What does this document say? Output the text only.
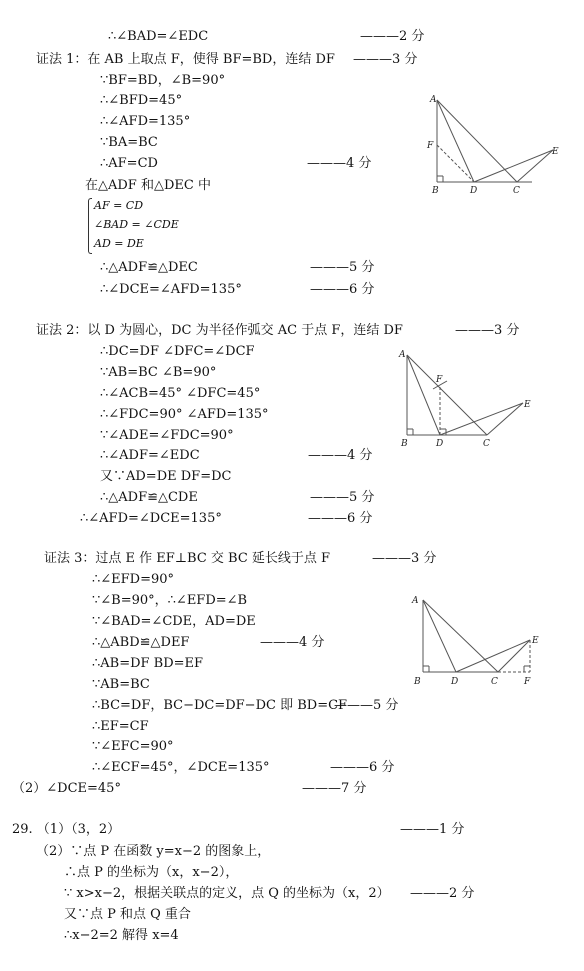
∴∠BAD=∠EDC	———2 分
证法 1：在 AB 上取点 F，使得 BF=BD，连结 DF ———3 分
∵BF=BD，∠B=90°
∴∠BFD=45°
∴∠AFD=135°
∵BA=BC
∴AF=CD	———4 分
在△ADF 和△DEC 中
AF = CD
∠BAD = ∠CDE
AD = DE
∴△ADF≌△DEC	———5 分
∴∠DCE=∠AFD=135°	———6 分
A
F
B	D	C
E
证法 2：以 D 为圆心，DC 为半径作弧交 AC 于点 F，连结 DF	———3 分
∴DC=DF ∠DFC=∠DCF
∵AB=BC ∠B=90°
∴∠ACB=45° ∠DFC=45°
∴∠FDC=90° ∠AFD=135°
∵∠ADE=∠FDC=90°
∴∠ADF=∠EDC	———4 分
又∵AD=DE DF=DC
∴△ADF≌△CDE	———5 分
∴∠AFD=∠DCE=135°	———6 分
A
F
B	D	C
E
证法 3：过点 E 作 EF⊥BC 交 BC 延长线于点 F	———3 分
∴∠EFD=90°
∵∠B=90°，∴∠EFD=∠B
∵∠BAD=∠CDE，AD=DE
∴△ABD≌△DEF	———4 分
∴AB=DF BD=EF
∵AB=BC
∴BC=DF，BC−DC=DF−DC 即 BD=CF
———5 分
∴EF=CF
∵∠EFC=90°
∴∠ECF=45°，∠DCE=135°	———6 分
A
E
B	D	C	F
（2）∠DCE=45°	———7 分
29. （1）（3，2）	———1 分
（2）∵点 P 在函数 y=x−2 的图象上，
∴点 P 的坐标为（x，x−2），
∵ x>x−2，根据关联点的定义，点 Q 的坐标为（x，2） ———2 分
又∵点 P 和点 Q 重合
∴x−2=2 解得 x=4
